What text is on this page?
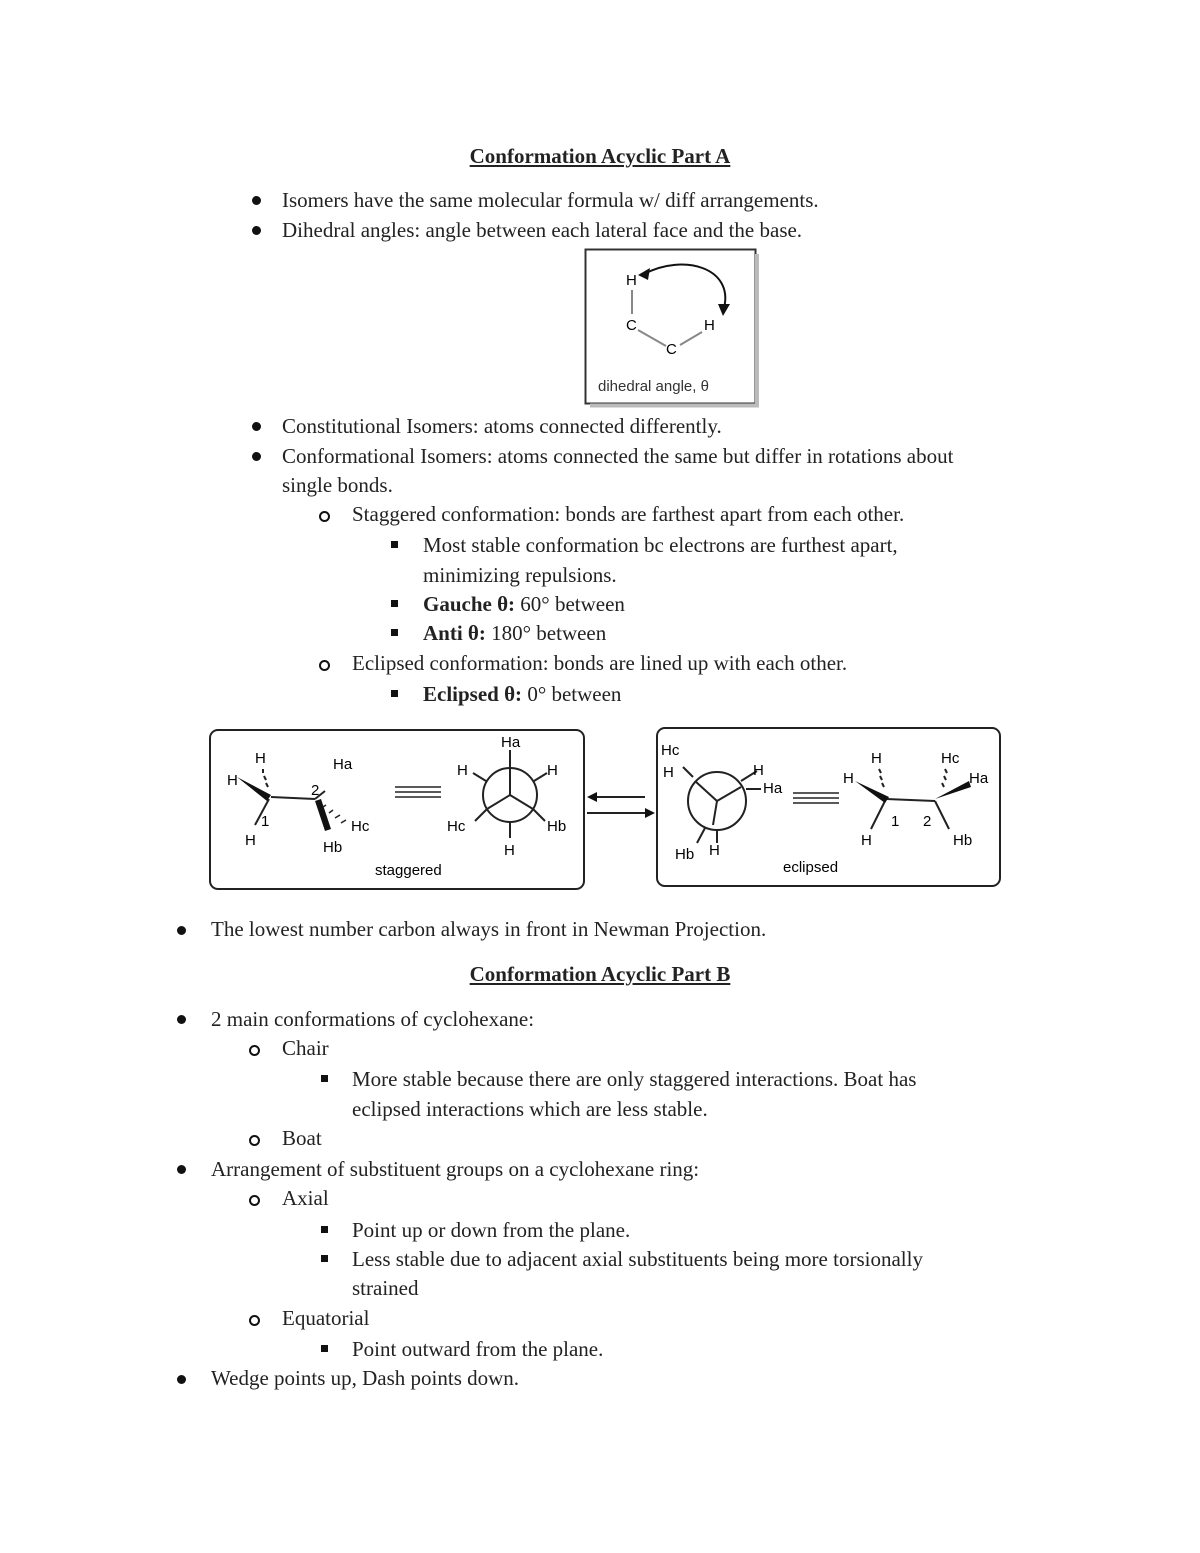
Conformation Acyclic Part A
Isomers have the same molecular formula w/ diff arrangements.
Dihedral angles: angle between each lateral face and the base.
H
C
C
H
dihedral angle, θ
Constitutional Isomers: atoms connected differently.
Conformational Isomers: atoms connected the same but differ in rotations about
single bonds.
Staggered conformation: bonds are farthest apart from each other.
Most stable conformation bc electrons are furthest apart,
minimizing repulsions.
Gauche θ: 60° between
Anti θ: 180° between
Eclipsed conformation: bonds are lined up with each other.
Eclipsed θ: 0° between
H
H
H
1
2
Ha
Hc
Hb
Ha
H	H
Hc	Hb
H
staggered
Hc
H	H
Ha
Hb H
H
H
H
1 2
Hc
Ha
Hb
eclipsed
The lowest number carbon always in front in Newman Projection.
Conformation Acyclic Part B
2 main conformations of cyclohexane:
Chair
More stable because there are only staggered interactions. Boat has
eclipsed interactions which are less stable.
Boat
Arrangement of substituent groups on a cyclohexane ring:
Axial
Point up or down from the plane.
Less stable due to adjacent axial substituents being more torsionally
strained
Equatorial
Point outward from the plane.
Wedge points up, Dash points down.
